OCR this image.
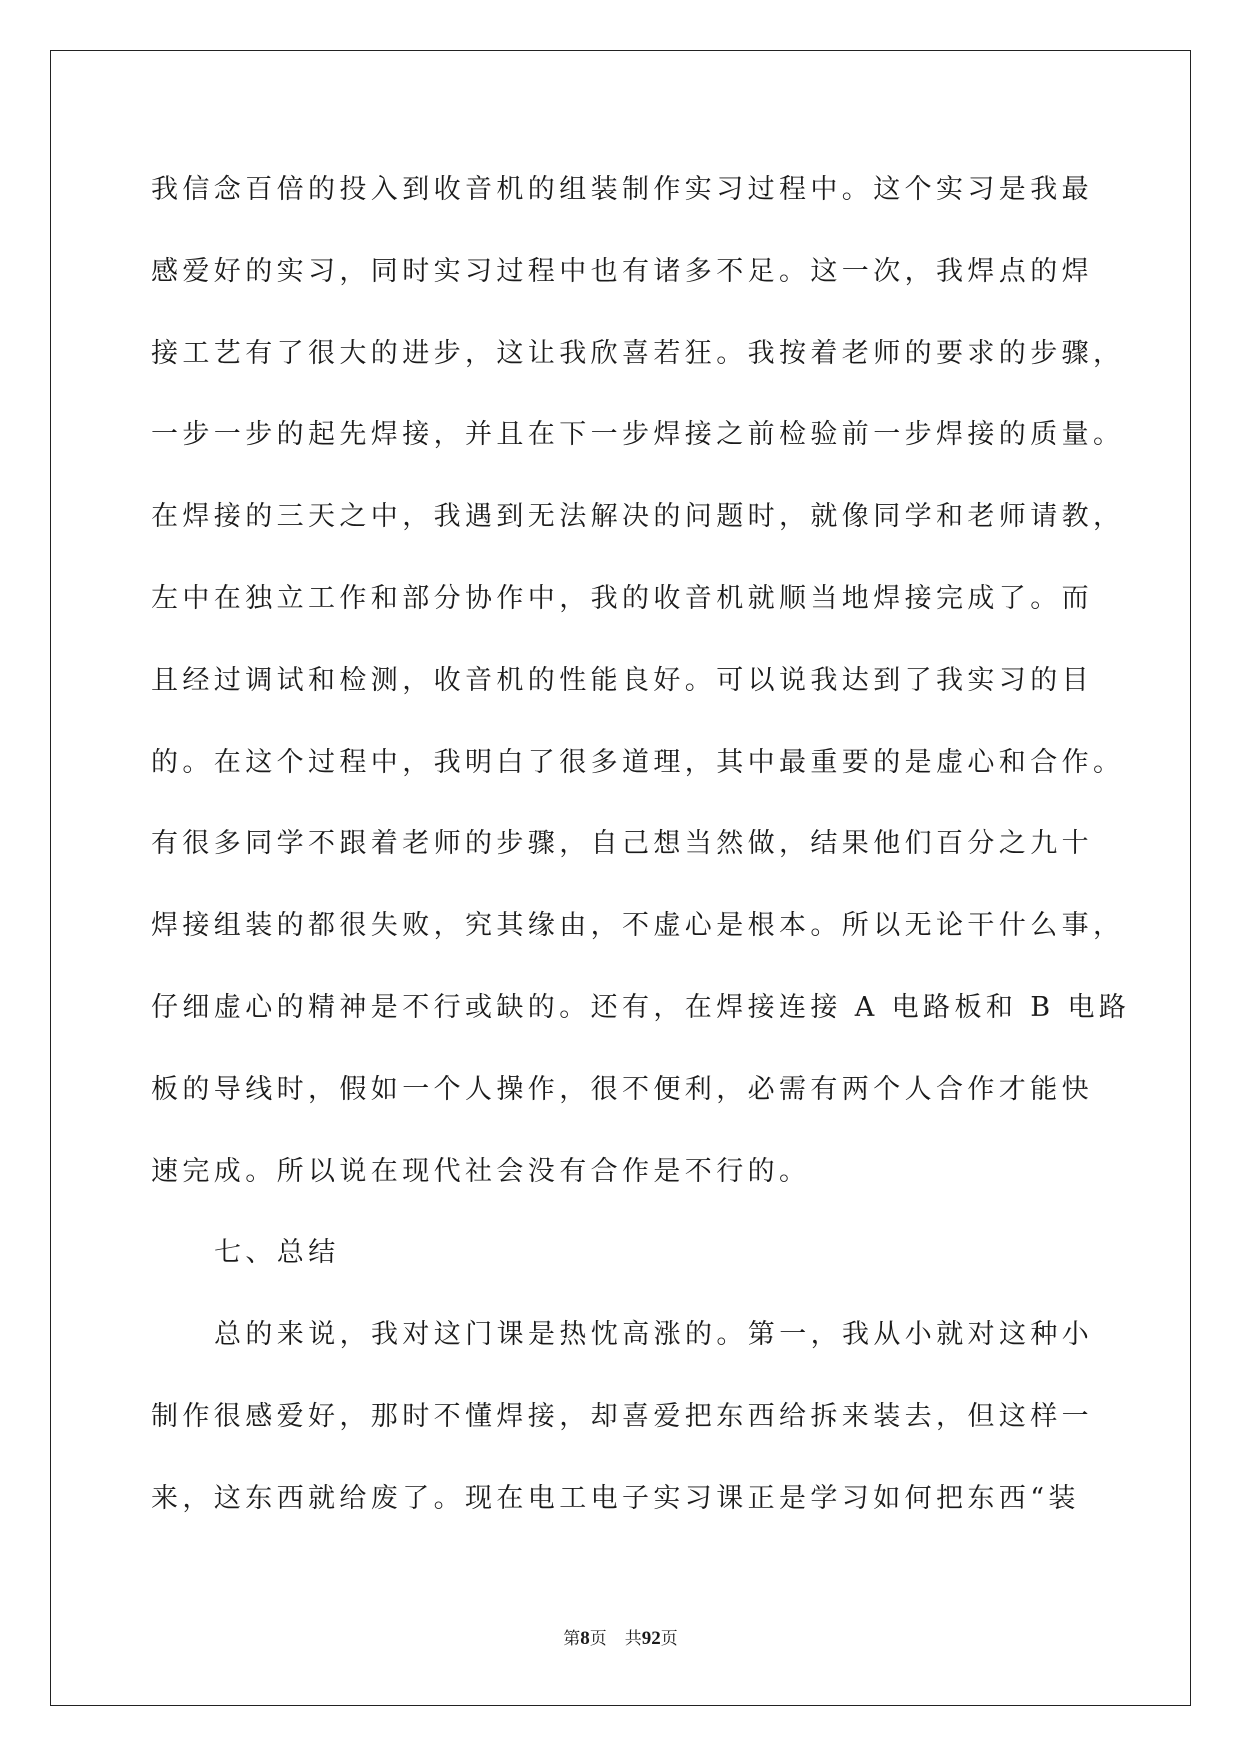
我信念百倍的投入到收音机的组装制作实习过程中。这个实习是我最
感爱好的实习，同时实习过程中也有诸多不足。这一次，我焊点的焊
接工艺有了很大的进步，这让我欣喜若狂。我按着老师的要求的步骤，
一步一步的起先焊接，并且在下一步焊接之前检验前一步焊接的质量。
在焊接的三天之中，我遇到无法解决的问题时，就像同学和老师请教，
左中在独立工作和部分协作中，我的收音机就顺当地焊接完成了。而
且经过调试和检测，收音机的性能良好。可以说我达到了我实习的目
的。在这个过程中，我明白了很多道理，其中最重要的是虚心和合作。
有很多同学不跟着老师的步骤，自己想当然做，结果他们百分之九十
焊接组装的都很失败，究其缘由，不虚心是根本。所以无论干什么事，
仔细虚心的精神是不行或缺的。还有，在焊接连接 A 电路板和 B 电路
板的导线时，假如一个人操作，很不便利，必需有两个人合作才能快
速完成。所以说在现代社会没有合作是不行的。
七、总结
总的来说，我对这门课是热忱高涨的。第一，我从小就对这种小
制作很感爱好，那时不懂焊接，却喜爱把东西给拆来装去，但这样一
来，这东西就给废了。现在电工电子实习课正是学习如何把东西“装
第8页 共92页
